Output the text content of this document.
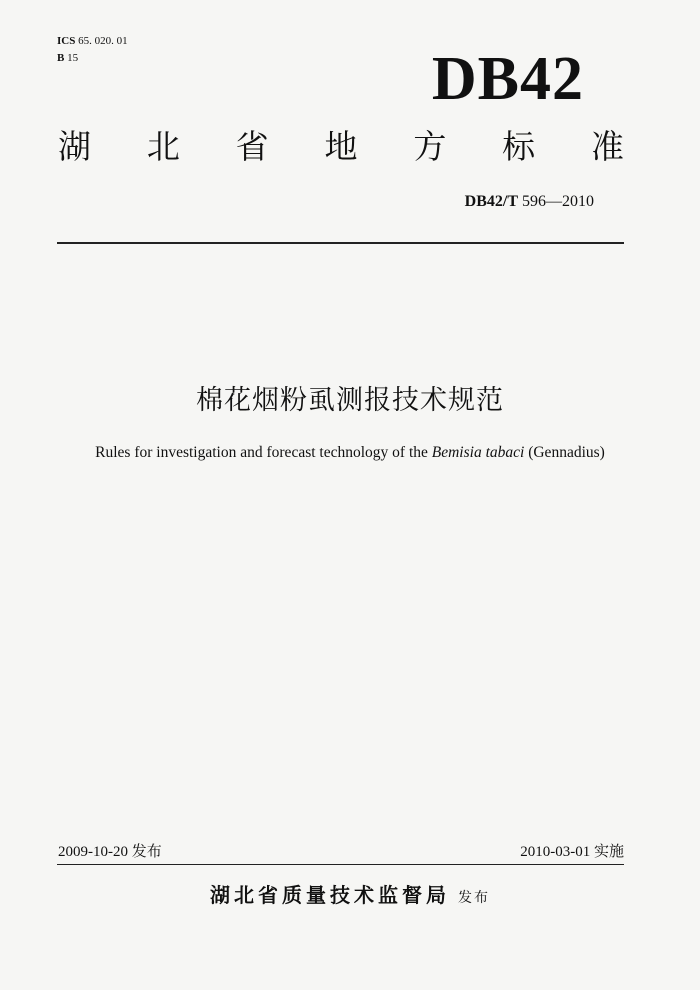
ICS 65. 020. 01
B 15	DB42
湖 北 省 地 方 标 准
DB42/T 596—2010
棉花烟粉虱测报技术规范
Rules for investigation and forecast technology of the Bemisia tabaci (Gennadius)
2009-10-20 发布	2010-03-01 实施
湖北省质量技术监督局 发布
